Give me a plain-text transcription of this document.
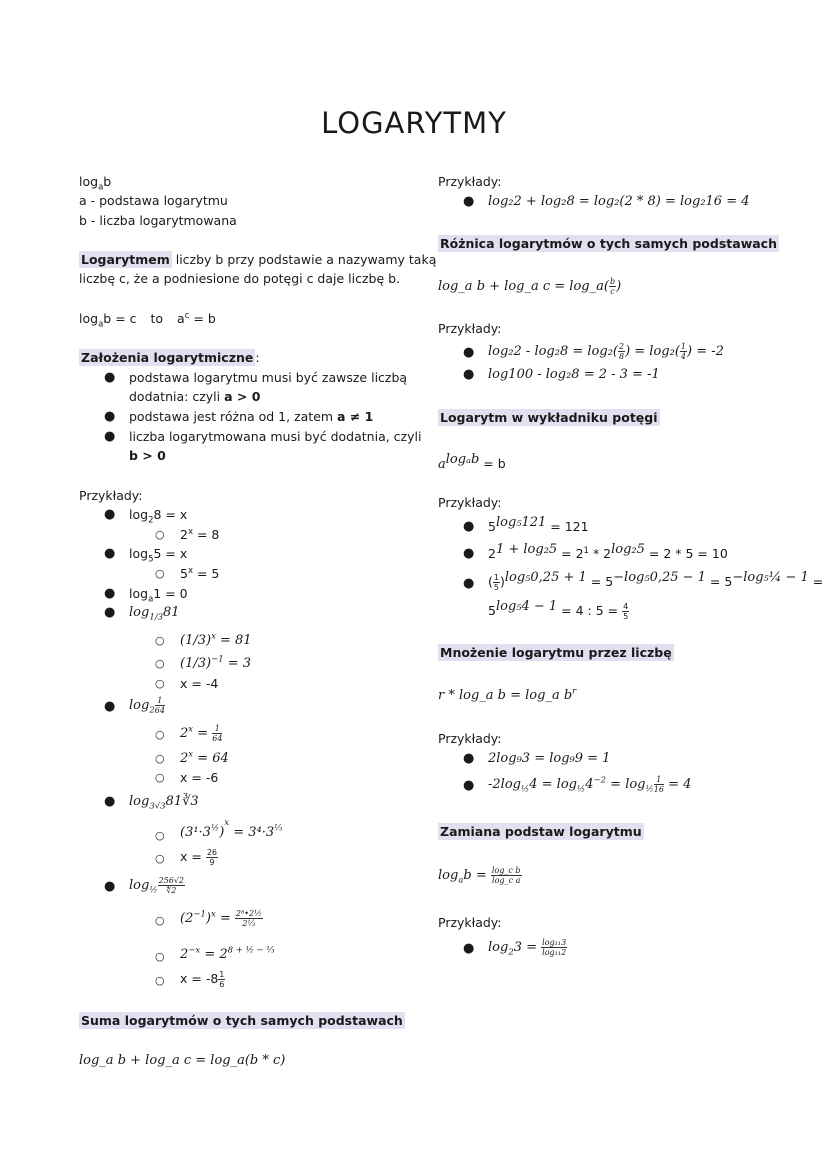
LOGARYTMY
$\log_ab$
a - podstawa logarytmu
b - liczba logarytmowana
Logarytmem liczby b przy podstawie a nazywamy taką
liczbę c, że a podniesione do potęgi c daje liczbę b.
$\log_ab = c$ to $a^c = b$
Założenia logarytmiczne :
● podstawa logarytmu musi być zawsze liczbą
dodatnia: czyli a > 0
● podstawa jest różna od 1, zatem a ≠ 1
● liczba logarytmowana musi być dodatnia, czyli
b > 0
Przykłady:
● $\log_28 = x$
○ $2^x = 8$
● $\log_55 = x$
○ $5^x = 5$
● $\log_a1 = 0$
● $\log_{1/3}81$
○ $(1/3)^x = 81$
○ $(1/3)^{-1} = 3$
○ x = -4
● $\log_2 \frac{1}{64}$
○ $2^x = \frac{1}{64}$
○ $2^x = 64$
○ x = -6
● $\log_{3√3}81∛3$
○ $(3^1\cdot 3^{\frac{1}{2}})^x = 3^4\cdot 3^{\frac{1}{3}}$
○ $x = \frac{26}{9}$
● $\log_{\frac{1}{2}} \frac{256√2}{∜2}$
○ $(2^{-1})^x = \frac{\text{2⁸•2½}}{\text{2⅓}}$
○ $2^{-x} = 2^{8 + \frac{1}{2} - \frac{1}{3}}$
○ $x = -8 \frac{1}{6}$
Suma logarytmów o tych samych podstawach
log_a b + log_a c = log_a(b * c)
Przykłady:
● log₂2 + log₂8 = log₂(2 * 8) = log₂16 = 4
Różnica logarytmów o tych samych podstawach
log_a b + log_a c = log_a( $\frac{b}{c}$ )
Przykłady:
● $\log_22 - \log_28 = \log_2( \frac{2}{8}$ ) = $\log_2( \frac{1}{4}$ ) = -2
● log100 - log₂8 = 2 - 3 = -1
Logarytm w wykładniku potęgi
$a^{log_ab} = b$
Przykłady:
● $5^{log_5121} = 121$
● $2^{1 + log_25} = 2^1 * 2^{log_25} = 2 * 5 = 10$
● ( $\frac{1}{5} )^{log_50,25 + 1} = 5^{-log_50,25 - 1} = 5^{-log_5\frac{1}{4} - 1}$ =
$5^{log_54 - 1} = 4$ : $5 = \frac{4}{5}$
Mnożenie logarytmu przez liczbę
r * log_a b = log_a $b^r$
Przykłady:
● 2log₉3 = log₉9 = 1
● $-2\log_{\frac{1}{2}}4 = \log_{\frac{1}{2}}4^{-2} = \log_{\frac{1}{2}} \frac{1}{16} = 4$
Zamiana podstaw logarytmu
$\log_ab = \frac{\text{log\_c b}}{\text{log\_c a}}$
Przykłady:
● $\log_23 = \frac{\text{log₁₁3}}{\text{log₁₁2}}$
